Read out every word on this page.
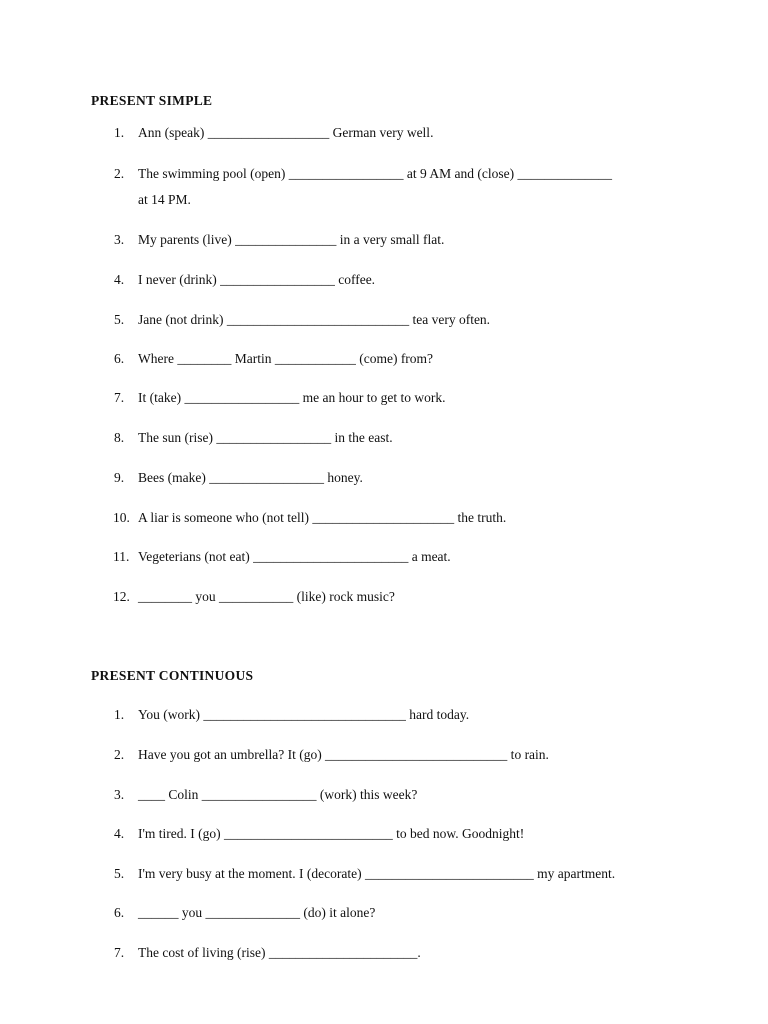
PRESENT SIMPLE
1. Ann (speak) __________________ German very well.
2. The swimming pool (open) _________________ at 9 AM and (close) ______________
at 14 PM.
3. My parents (live) _______________ in a very small flat.
4. I never (drink) _________________ coffee.
5. Jane (not drink) ___________________________ tea very often.
6. Where ________ Martin ____________ (come) from?
7. It (take) _________________ me an hour to get to work.
8. The sun (rise) _________________ in the east.
9. Bees (make) _________________ honey.
10. A liar is someone who (not tell) _____________________ the truth.
11. Vegeterians (not eat) _______________________ a meat.
12. ________ you ___________ (like) rock music?
PRESENT CONTINUOUS
1. You (work) ______________________________ hard today.
2. Have you got an umbrella? It (go) ___________________________ to rain.
3. ____ Colin _________________ (work) this week?
4. I'm tired. I (go) _________________________ to bed now. Goodnight!
5. I'm very busy at the moment. I (decorate) _________________________ my apartment.
6. ______ you ______________ (do) it alone?
7. The cost of living (rise) ______________________.
